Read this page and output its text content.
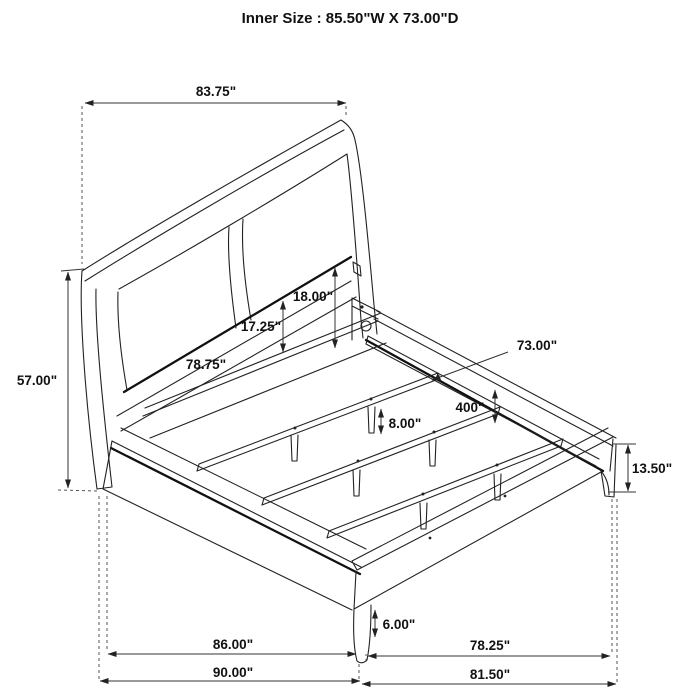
Inner Size : 85.50"W X 73.00"D
83.75"
57.00"
18.00"
17.25"
78.75"
73.00"
400"
8.00"
13.50"
6.00"
86.00"	78.25"
90.00"	81.50"
